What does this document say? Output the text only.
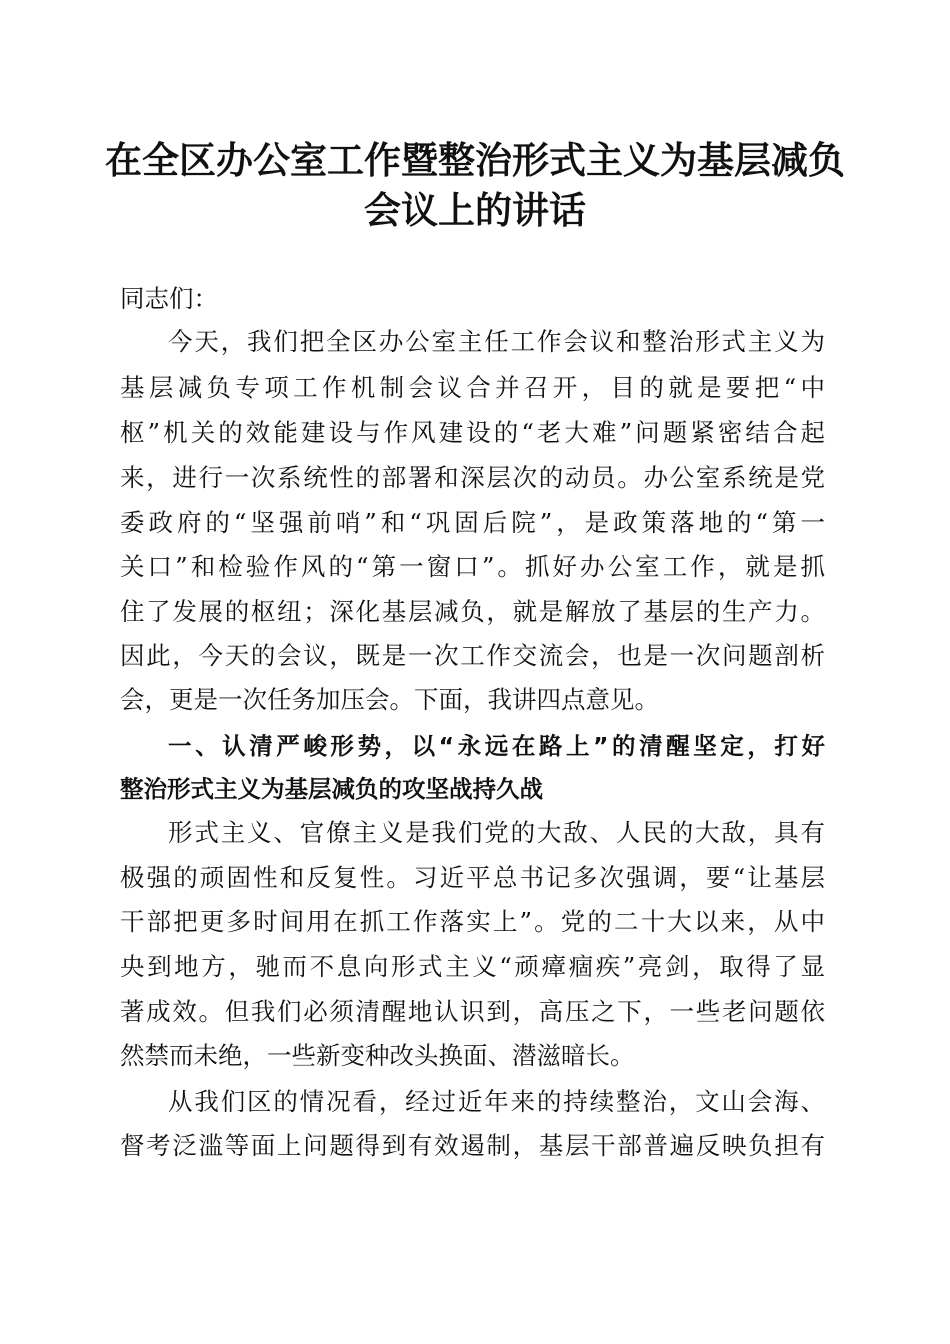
在全区办公室工作暨整治形式主义为基层减负
会议上的讲话
同志们：
今天，我们把全区办公室主任工作会议和整治形式主义为
基层减负专项工作机制会议合并召开，目的就是要把“中
枢”机关的效能建设与作风建设的“老大难”问题紧密结合起
来，进行一次系统性的部署和深层次的动员。办公室系统是党
委政府的“坚强前哨”和“巩固后院”，是政策落地的“第一
关口”和检验作风的“第一窗口”。抓好办公室工作，就是抓
住了发展的枢纽；深化基层减负，就是解放了基层的生产力。
因此，今天的会议，既是一次工作交流会，也是一次问题剖析
会，更是一次任务加压会。下面，我讲四点意见。
一、认清严峻形势，以“永远在路上”的清醒坚定，打好
整治形式主义为基层减负的攻坚战持久战
形式主义、官僚主义是我们党的大敌、人民的大敌，具有
极强的顽固性和反复性。习近平总书记多次强调，要“让基层
干部把更多时间用在抓工作落实上”。党的二十大以来，从中
央到地方，驰而不息向形式主义“顽瘴痼疾”亮剑，取得了显
著成效。但我们必须清醒地认识到，高压之下，一些老问题依
然禁而未绝，一些新变种改头换面、潜滋暗长。
从我们区的情况看，经过近年来的持续整治，文山会海、
督考泛滥等面上问题得到有效遏制，基层干部普遍反映负担有
